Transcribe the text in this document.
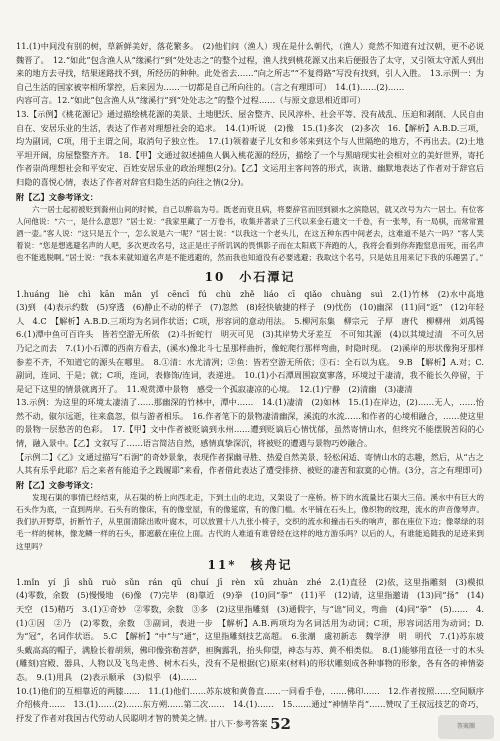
11.(1)中间没有别的树，草新鲜美好，落花繁多。　(2)他们问（渔人）现在是什么朝代，（渔人）竟然不知道有过汉朝，更不必说魏晋了。　12.“如此”包含渔人从“缘溪行”到“处处志之”的整个过程，渔人找到桃花源又出来后便报告了太守，又引领太守派人到出来的地方去寻找，结果迷路找不到，所经历的种种。此处省去……“向之所志”“不复得路”写没有找到，引人入胜。　13.示例一：为自己生活的国家被宰相所掌控，后来因为……一切都是自己所向往的。（言之有理即可）　14.(1)……(2)……
内容可言。12.“如此”包含渔人从“缘溪行”到“处处志之”的整个过程……（与原文意思相近即可）
13.【示例】《桃花源记》通过描绘桃花源的美景、土地肥沃、屋舍整齐、民风淳朴、社会平等、没有战乱、压迫和剥削、人民自由自在、安居乐业的生活，表达了作者对理想社会的追求。　14.(1)听说　(2)像　15.(1)多次　(2)多次　16.【解析】A.B.D.三项，均为副词，C项，用于主谓之间，取消句子独立性。　17.(1)领着妻子儿女和乡邻来到这个与人世隔绝的地方，不再出去。(2)土地平坦开阔，房屋整整齐齐。　18.【甲】文通过叙述捕鱼人偶入桃花源的经历，描绘了一个与黑暗现实社会相对立的美好世界，寄托作者崇尚理想社会和平安定、百姓安居乐业的政治理想(2分)。【乙】文运用主客问答的形式，诙谐、幽默地表达了作者对于辞官后归隐的喜悦心情，表达了作者对辞官归隐生活的向往之情(2分)。
附【乙】文参考译文：
六一居士起初被贬到滁州山间的时候，自己以醉翁为号。既老而衰且病，将要辞官而回到颍水之滨隐居，就又改号为六一居士。有位客人问他说：“六一，是什么意思？”居士说：“我家里藏了一万卷书，收集并著录了三代以来金石遗文一千卷，有一张琴，有一局棋，而常常置酒一壶。”客人说：“这只是五个一，怎么说是六一呢？”居士说：“以我这一个老头儿，在这五种东西中间老去，这难道不是六一吗？”客人笑着说：“您是想逃避名声的人吧，多次更改名号，这正是庄子所讥讽的畏惧影子而在太阳底下奔跑的人，我将会看到你奔跑窒息而死，而名声也不能逃脱啊。”居士说：“我本来就知道名声是不能逃避的，然而我也知道没有必要逃避；我取这个名号，只是姑且用来记下我的乐趣罢了。”
10　小石潭记
1.huáng　liè　chì　kān　mǎn　yǐ　cēncī　fú　chù　zhě　liáo　cī　qiǎo　chuàng　suì　2.(1)竹林　(2)水中高地　(3)到　(4)表示约数　(5)穿透　(6)静止不动的样子　(7)忽然　(8)轻快敏捷的样子　(9)忧伤　(10)幽深　(11)同“返”　(12)年轻人　4.C　【解析】A.B.D.三项均为名词作状语；C项，形容词的意动用法。　5.柳河东集　柳宗元　子厚　唐代　柳柳州　刘禹锡　6.(1)潭中鱼可百许头　皆若空游无所依　(2)斗折蛇行　明灭可见　(3)其岸势犬牙差互　不可知其源　(4)以其境过清　不可久居　乃记之而去　7.(1)小石潭的西南方看去，(溪水)像北斗七星那样曲折，像蛇爬行那样弯曲，时隐时现。　(2)溪岸的形状像狗牙那样参差不齐，不知道它的源头在哪里。　8.①清：水尤清冽；②鱼：皆若空游无所依；③石：全石以为底。　9.B　【解析】A.对；C.副词，连词、于是；就；C项，连词，表修饰/连词，表递进。　10.(1)小石潭周围寂寞寥落，环境过于凄清，我不能长久停留，于是记下这里的情景就离开了。　11.观赏潭中景物　感受一个孤寂凄凉的心境。　12.(1)宁静　(2)清幽　(3)凄清
13.示例：为这里的环境太凄清了……那幽深的竹林中，潭中……　14.(1)凄清　(2)如林　15.(1)在岸边，(2)……无人，……怡然不动，俶尔远逝，往来翕忽，似与游者相乐。　16.作者笔下的景物凄清幽深，溪流的水流……和作者的心境相融合，……使这里的景物一层愁苦的色彩。　17.【甲】文中作者被贬谪到永州……遭到贬谪后心情忧郁，虽然寄情山水，但终究不能摆脱苦闷的心情，融入景中。【乙】文叙写了……语言简洁自然，感情真挚深沉，将被贬的遭遇与景物巧妙融合。
【示例二】《乙》文通过描写“石涧”的奇妙景象，表现作者探幽寻胜、热爱自然美景、轻松闲适、寄情山水的志趣，然后，从“古之人其有乐乎此耶？后之来者有能追予之践履耶”来看，作者借此表达了遭受排挤、被贬的凄苦和寂寞的心情。(3分，言之有理即可)
附【乙】文参考译文：
发现石渠的事情已经结束，从石渠的桥上向西北走，下到土山的北边，又架设了一座桥。桥下的水流量比石渠大三倍。溪水中有巨大的石头作为底，一直到两岸。石头有的像床，有的像堂屋，有的像筵席，有的像门槛。水平铺在石头上，像织物的纹理，流水的声音像琴声。我们扒开野草，折断竹子，从里面清除出败叶腐木，可以放置十八九张小椅子，交织的流水和撞击石头的响声，都在座位下边；像翠绿的羽毛一样的树林，像龙鳞一样的石头，都遮蔽在座位上面。古代的人难道有谁曾经在这样的地方游乐吗？以后的人，有谁能追随我的足迹来到这里吗？
11*　核舟记
1.mǐn　yí　jī　shǔ　ruò　sǔn　rán　qū　chuí　jī　rèn　xū　zhuàn　zhé　2.(1)直径　(2)依，这里指雕刻　(3)模拟　(4)零数，余数　(5)慢慢地　(6)像　(7)完毕　(8)靠近　(9)拳　(10)同“拳”　(11)平　(12)请，这里指邀请　(13)同“扬”　(14)天空　(15)精巧　3.(1)①奇妙　②零数，余数　③多　(2)这里指雕刻　(3)通假字，与“诎”同义，弯曲　(4)同“拳”　(5)……　4.(1)①因　②乃　(2)零数，余数　③副词，表进一步　【解析】A.B.两项均为名词活用为动词；C项，形容词活用为动词；D.为“冠”，名词作状语。　5.C　【解析】“中”与“通”，这里指雕刻技艺高超。　6.张潮　虞初新志　魏学洢　明　明代　7.(1)苏东坡头戴高高的帽子，满脸长着胡须，佛印像弥勒菩萨，袒胸露乳，抬头仰望，神态与苏、黄不相类似。　8.(1)能够用直径一寸的木头(雕刻)宫殿、器具、人物以及飞鸟走兽、树木石头，没有不是根据(它)原来(材料)的形状雕刻成各种事物的形象，各有各的神情姿态。　9.(1)用具　(2)表示顺承　(3)似乎　(4)……
10.(1)他们的互相靠近的两膝……　11.(1)他们……苏东坡和黄鲁直……一同看手卷，……佛印……　12.作者按照……空间顺序介绍核舟……　13.(1)……(2)……东方朔……第二次……　14.(1)……　15.……通过“神情毕肖”……赞叹了王叔远技艺的奇巧，抒发了作者对我国古代劳动人民聪明才智的赞美之情。
甘八下·参考答案 52	答案圈
